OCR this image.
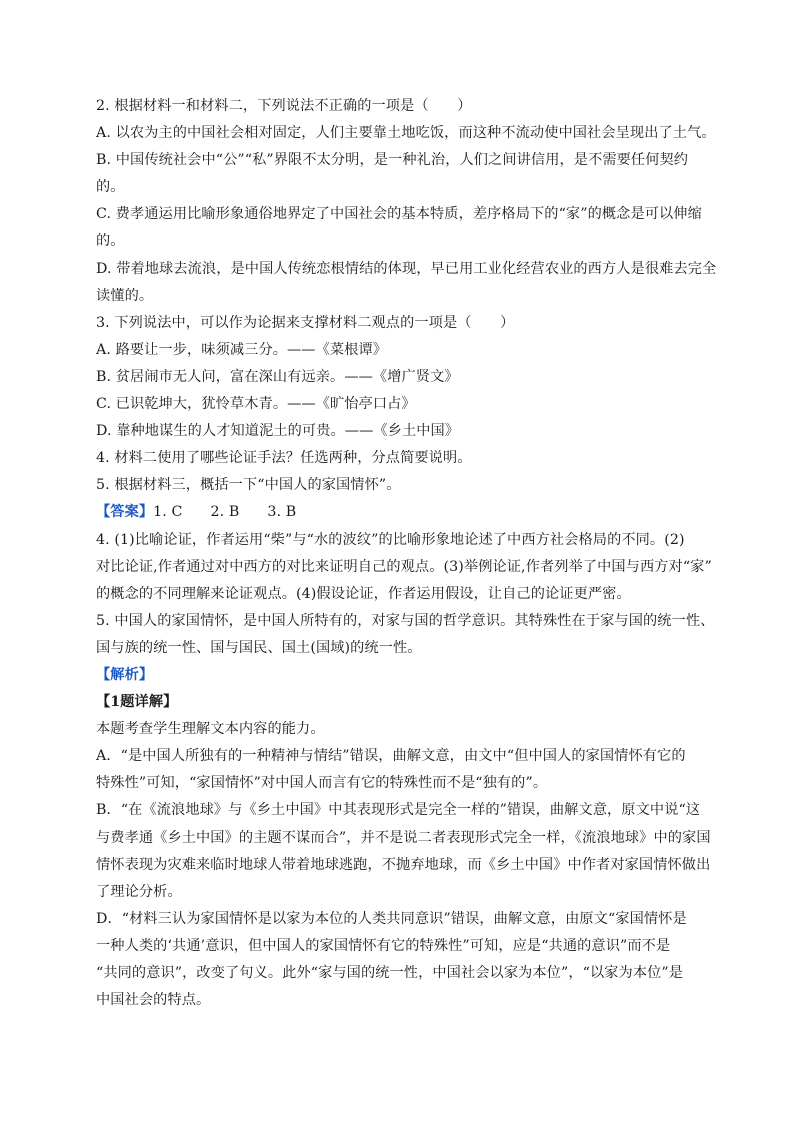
2. 根据材料一和材料二，下列说法不正确的一项是（　　）
A. 以农为主的中国社会相对固定，人们主要靠土地吃饭，而这种不流动使中国社会呈现出了土气。
B. 中国传统社会中“公”“私”界限不太分明，是一种礼治，人们之间讲信用，是不需要任何契约
的。
C. 费孝通运用比喻形象通俗地界定了中国社会的基本特质，差序格局下的“家”的概念是可以伸缩
的。
D. 带着地球去流浪，是中国人传统恋根情结的体现，早已用工业化经营农业的西方人是很难去完全
读懂的。
3. 下列说法中，可以作为论据来支撑材料二观点的一项是（　　）
A. 路要让一步，味须减三分。——《菜根谭》
B. 贫居闹市无人问，富在深山有远亲。——《增广贤文》
C. 已识乾坤大，犹怜草木青。——《旷怡亭口占》
D. 靠种地谋生的人才知道泥土的可贵。——《乡土中国》
4. 材料二使用了哪些论证手法？任选两种，分点简要说明。
5. 根据材料三，概括一下“中国人的家国情怀”。
【答案】1. C 2. B 3. B
4. (1)比喻论证，作者运用“柴”与“水的波纹”的比喻形象地论述了中西方社会格局的不同。(2)
对比论证,作者通过对中西方的对比来证明自己的观点。(3)举例论证,作者列举了中国与西方对“家”
的概念的不同理解来论证观点。(4)假设论证，作者运用假设，让自己的论证更严密。
5. 中国人的家国情怀，是中国人所特有的，对家与国的哲学意识。其特殊性在于家与国的统一性、
国与族的统一性、国与国民、国土(国域)的统一性。
【解析】
【1题详解】
本题考查学生理解文本内容的能力。
A．“是中国人所独有的一种精神与情结”错误，曲解文意，由文中“但中国人的家国情怀有它的
特殊性”可知，“家国情怀”对中国人而言有它的特殊性而不是“独有的”。
B．“在《流浪地球》与《乡土中国》中其表现形式是完全一样的”错误，曲解文意，原文中说“这
与费孝通《乡土中国》的主题不谋而合”，并不是说二者表现形式完全一样，《流浪地球》中的家国
情怀表现为灾难来临时地球人带着地球逃跑，不抛弃地球，而《乡土中国》中作者对家国情怀做出
了理论分析。
D．“材料三认为家国情怀是以家为本位的人类共同意识”错误，曲解文意，由原文“家国情怀是
一种人类的‘共通’意识，但中国人的家国情怀有它的特殊性”可知，应是“共通的意识”而不是
“共同的意识”，改变了句义。此外“家与国的统一性，中国社会以家为本位”，“以家为本位”是
中国社会的特点。
